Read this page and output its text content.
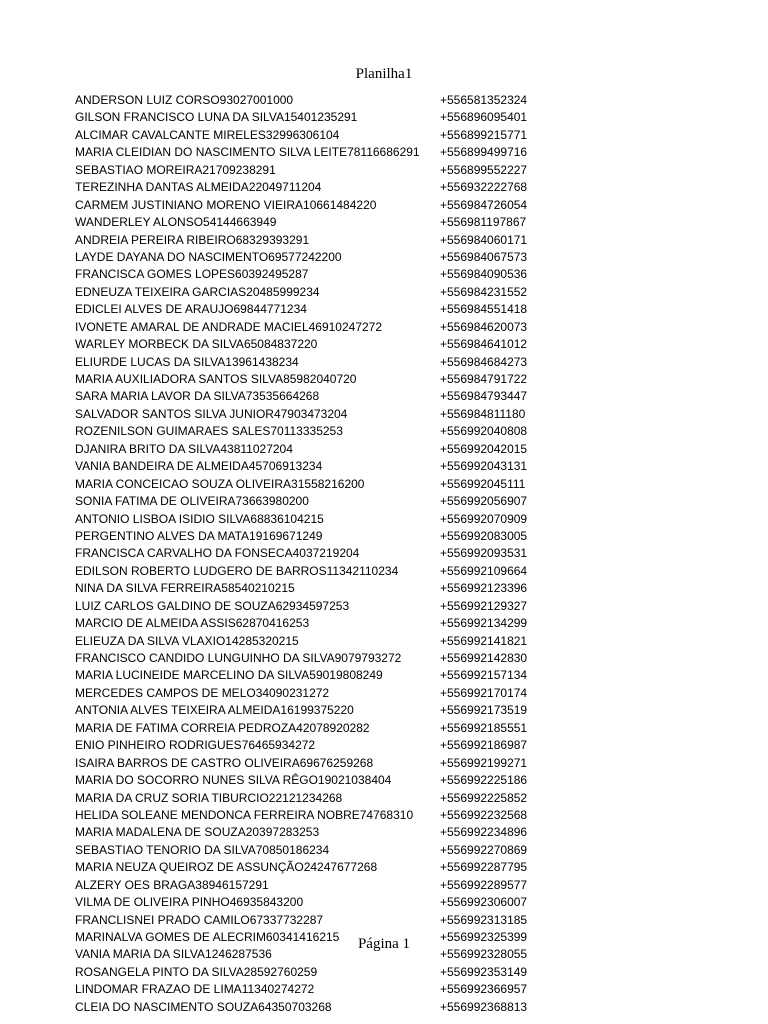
Planilha1
ANDERSON LUIZ CORSO93027001000	+556581352324
GILSON FRANCISCO LUNA DA SILVA15401235291	+556896095401
ALCIMAR CAVALCANTE MIRELES32996306104	+556899215771
MARIA CLEIDIAN DO NASCIMENTO SILVA LEITE78116686291	+556899499716
SEBASTIAO MOREIRA21709238291	+556899552227
TEREZINHA DANTAS ALMEIDA22049711204	+556932222768
CARMEM JUSTINIANO MORENO VIEIRA10661484220	+556984726054
WANDERLEY ALONSO54144663949	+556981197867
ANDREIA PEREIRA RIBEIRO68329393291	+556984060171
LAYDE DAYANA DO NASCIMENTO69577242200	+556984067573
FRANCISCA GOMES LOPES60392495287	+556984090536
EDNEUZA TEIXEIRA GARCIAS20485999234	+556984231552
EDICLEI ALVES DE ARAUJO69844771234	+556984551418
IVONETE AMARAL DE ANDRADE MACIEL46910247272	+556984620073
WARLEY MORBECK DA SILVA65084837220	+556984641012
ELIURDE LUCAS DA SILVA13961438234	+556984684273
MARIA AUXILIADORA SANTOS SILVA85982040720	+556984791722
SARA MARIA LAVOR DA SILVA73535664268	+556984793447
SALVADOR SANTOS SILVA JUNIOR47903473204	+556984811180
ROZENILSON GUIMARAES SALES70113335253	+556992040808
DJANIRA BRITO DA SILVA43811027204	+556992042015
VANIA BANDEIRA DE ALMEIDA45706913234	+556992043131
MARIA CONCEICAO SOUZA OLIVEIRA31558216200	+556992045111
SONIA FATIMA DE OLIVEIRA73663980200	+556992056907
ANTONIO LISBOA ISIDIO SILVA68836104215	+556992070909
PERGENTINO ALVES DA MATA19169671249	+556992083005
FRANCISCA CARVALHO DA FONSECA4037219204	+556992093531
EDILSON ROBERTO LUDGERO DE BARROS11342110234	+556992109664
NINA DA SILVA FERREIRA58540210215	+556992123396
LUIZ CARLOS GALDINO DE SOUZA62934597253	+556992129327
MARCIO DE ALMEIDA ASSIS62870416253	+556992134299
ELIEUZA DA SILVA VLAXIO14285320215	+556992141821
FRANCISCO CANDIDO LUNGUINHO DA SILVA9079793272	+556992142830
MARIA LUCINEIDE MARCELINO DA SILVA59019808249	+556992157134
MERCEDES CAMPOS DE MELO34090231272	+556992170174
ANTONIA ALVES TEIXEIRA ALMEIDA16199375220	+556992173519
MARIA DE FATIMA CORREIA PEDROZA42078920282	+556992185551
ENIO PINHEIRO RODRIGUES76465934272	+556992186987
ISAIRA BARROS DE CASTRO OLIVEIRA69676259268	+556992199271
MARIA DO SOCORRO NUNES SILVA RÊGO19021038404	+556992225186
MARIA DA CRUZ SORIA TIBURCIO22121234268	+556992225852
HELIDA SOLEANE MENDONCA FERREIRA NOBRE74768310	+556992232568
MARIA MADALENA DE SOUZA20397283253	+556992234896
SEBASTIAO TENORIO DA SILVA70850186234	+556992270869
MARIA NEUZA QUEIROZ DE ASSUNÇÃO24247677268	+556992287795
ALZERY OES BRAGA38946157291	+556992289577
VILMA DE OLIVEIRA PINHO46935843200	+556992306007
FRANCLISNEI PRADO CAMILO67337732287	+556992313185
MARINALVA GOMES DE ALECRIM60341416215	+556992325399
VANIA MARIA DA SILVA1246287536	+556992328055
ROSANGELA PINTO DA SILVA28592760259	+556992353149
LINDOMAR FRAZAO DE LIMA11340274272	+556992366957
CLEIA DO NASCIMENTO SOUZA64350703268	+556992368813
Página 1
